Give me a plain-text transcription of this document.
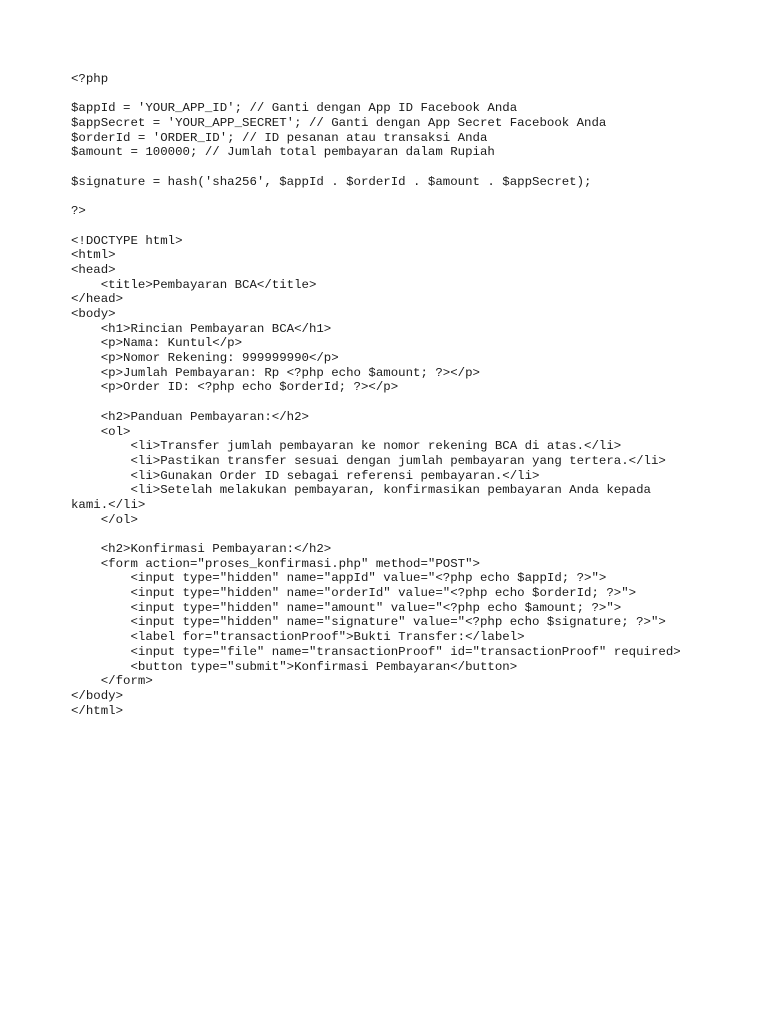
<?php
$appId = 'YOUR_APP_ID'; // Ganti dengan App ID Facebook Anda
$appSecret = 'YOUR_APP_SECRET'; // Ganti dengan App Secret Facebook Anda
$orderId = 'ORDER_ID'; // ID pesanan atau transaksi Anda
$amount = 100000; // Jumlah total pembayaran dalam Rupiah
$signature = hash('sha256', $appId . $orderId . $amount . $appSecret);
?>
<!DOCTYPE html>
<html>
<head>
<title>Pembayaran BCA</title>
</head>
<body>
<h1>Rincian Pembayaran BCA</h1>
<p>Nama: Kuntul</p>
<p>Nomor Rekening: 999999990</p>
<p>Jumlah Pembayaran: Rp <?php echo $amount; ?></p>
<p>Order ID: <?php echo $orderId; ?></p>
<h2>Panduan Pembayaran:</h2>
<ol>
<li>Transfer jumlah pembayaran ke nomor rekening BCA di atas.</li>
<li>Pastikan transfer sesuai dengan jumlah pembayaran yang tertera.</li>
<li>Gunakan Order ID sebagai referensi pembayaran.</li>
<li>Setelah melakukan pembayaran, konfirmasikan pembayaran Anda kepada
kami.</li>
</ol>
<h2>Konfirmasi Pembayaran:</h2>
<form action="proses_konfirmasi.php" method="POST">
<input type="hidden" name="appId" value="<?php echo $appId; ?>">
<input type="hidden" name="orderId" value="<?php echo $orderId; ?>">
<input type="hidden" name="amount" value="<?php echo $amount; ?>">
<input type="hidden" name="signature" value="<?php echo $signature; ?>">
<label for="transactionProof">Bukti Transfer:</label>
<input type="file" name="transactionProof" id="transactionProof" required>
<button type="submit">Konfirmasi Pembayaran</button>
</form>
</body>
</html>
